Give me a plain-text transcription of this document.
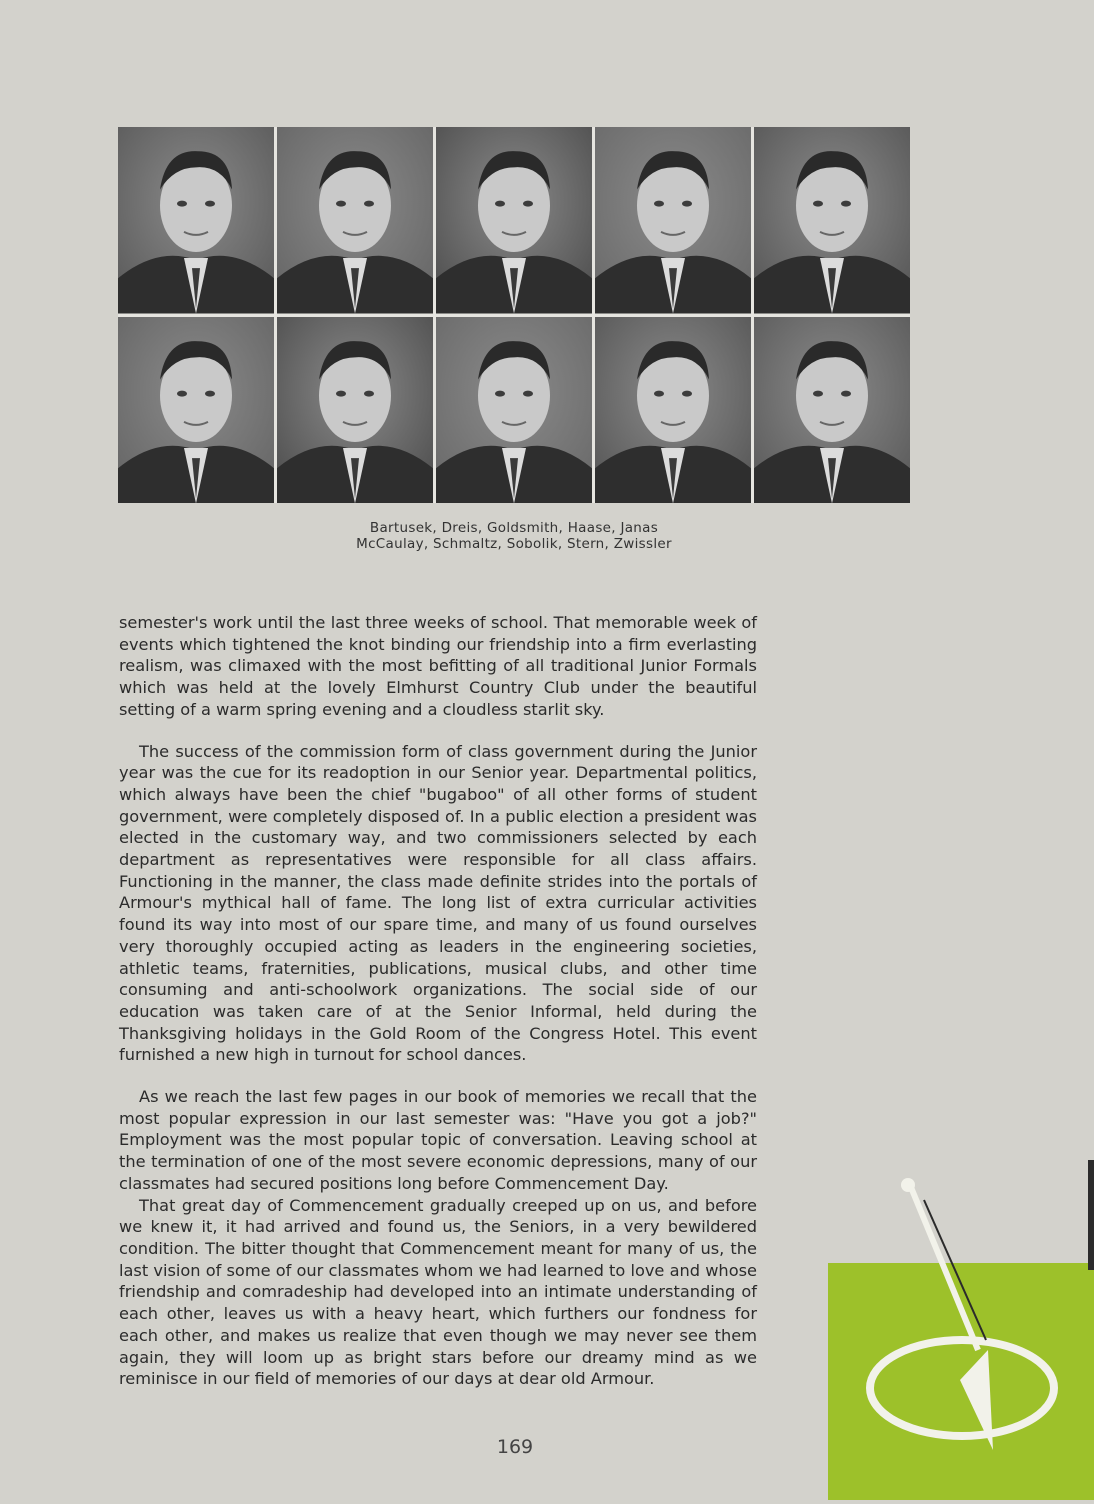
Bartusek, Dreis, Goldsmith, Haase, Janas
McCaulay, Schmaltz, Sobolik, Stern, Zwissler

semester's work until the last three weeks of school. That memorable week of events which tightened the knot binding our friendship into a firm everlasting realism, was climaxed with the most befitting of all traditional Junior Formals which was held at the lovely Elmhurst Country Club under the beautiful setting of a warm spring evening and a cloudless starlit sky.

The success of the commission form of class government during the Junior year was the cue for its readoption in our Senior year. Departmental politics, which always have been the chief "bugaboo" of all other forms of student government, were completely disposed of. In a public election a president was elected in the customary way, and two commissioners selected by each department as representatives were responsible for all class affairs. Functioning in the manner, the class made definite strides into the portals of Armour's mythical hall of fame. The long list of extra curricular activities found its way into most of our spare time, and many of us found ourselves very thoroughly occupied acting as leaders in the engineering societies, athletic teams, fraternities, publications, musical clubs, and other time consuming and anti-schoolwork organizations. The social side of our education was taken care of at the Senior Informal, held during the Thanksgiving holidays in the Gold Room of the Congress Hotel. This event furnished a new high in turnout for school dances.

As we reach the last few pages in our book of memories we recall that the most popular expression in our last semester was: "Have you got a job?" Employment was the most popular topic of conversation. Leaving school at the termination of one of the most severe economic depressions, many of our classmates had secured positions long before Commencement Day.

That great day of Commencement gradually creeped up on us, and before we knew it, it had arrived and found us, the Seniors, in a very bewildered condition. The bitter thought that Commencement meant for many of us, the last vision of some of our classmates whom we had learned to love and whose friendship and comradeship had developed into an intimate understanding of each other, leaves us with a heavy heart, which furthers our fondness for each other, and makes us realize that even though we may never see them again, they will loom up as bright stars before our dreamy mind as we reminisce in our field of memories of our days at dear old Armour.

169
